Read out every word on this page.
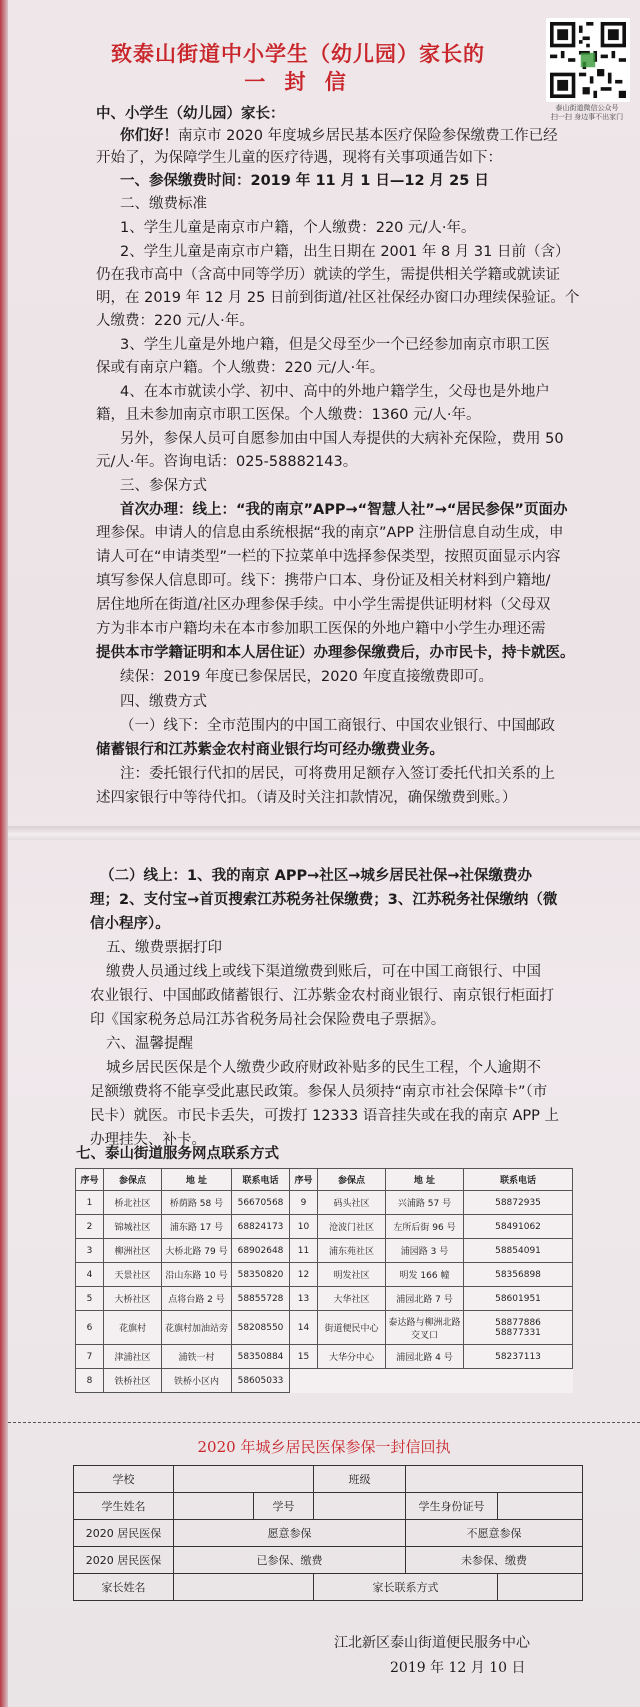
致泰山街道中小学生（幼儿园）家长的
一 封 信
泰山街道微信公众号
扫一扫 身边事不出家门
中、小学生（幼儿园）家长：
你们好！南京市 2020 年度城乡居民基本医疗保险参保缴费工作已经
开始了，为保障学生儿童的医疗待遇，现将有关事项通告如下：
一、参保缴费时间：2019 年 11 月 1 日—12 月 25 日
二、缴费标准
1、学生儿童是南京市户籍，个人缴费：220 元/人·年。
2、学生儿童是南京市户籍，出生日期在 2001 年 8 月 31 日前（含）
仍在我市高中（含高中同等学历）就读的学生，需提供相关学籍或就读证
明，在 2019 年 12 月 25 日前到街道/社区社保经办窗口办理续保验证。个
人缴费：220 元/人·年。
3、学生儿童是外地户籍，但是父母至少一个已经参加南京市职工医
保或有南京户籍。个人缴费：220 元/人·年。
4、在本市就读小学、初中、高中的外地户籍学生，父母也是外地户
籍，且未参加南京市职工医保。个人缴费：1360 元/人·年。
另外，参保人员可自愿参加由中国人寿提供的大病补充保险，费用 50
元/人·年。咨询电话：025-58882143。
三、参保方式
首次办理：线上：“我的南京”APP→“智慧人社”→“居民参保”页面办
理参保。申请人的信息由系统根据“我的南京”APP 注册信息自动生成，申
请人可在“申请类型”一栏的下拉菜单中选择参保类型，按照页面显示内容
填写参保人信息即可。线下：携带户口本、身份证及相关材料到户籍地/
居住地所在街道/社区办理参保手续。中小学生需提供证明材料（父母双
方为非本市户籍均未在本市参加职工医保的外地户籍中小学生办理还需
提供本市学籍证明和本人居住证）办理参保缴费后，办市民卡，持卡就医。
续保：2019 年度已参保居民，2020 年度直接缴费即可。
四、缴费方式
（一）线下：全市范围内的中国工商银行、中国农业银行、中国邮政
储蓄银行和江苏紫金农村商业银行均可经办缴费业务。
注：委托银行代扣的居民，可将费用足额存入签订委托代扣关系的上
述四家银行中等待代扣。（请及时关注扣款情况，确保缴费到账。）
（二）线上：1、我的南京 APP→社区→城乡居民社保→社保缴费办
理；2、支付宝→首页搜索江苏税务社保缴费；3、江苏税务社保缴纳（微
信小程序）。
五、缴费票据打印
缴费人员通过线上或线下渠道缴费到账后，可在中国工商银行、中国
农业银行、中国邮政储蓄银行、江苏紫金农村商业银行、南京银行柜面打
印《国家税务总局江苏省税务局社会保险费电子票据》。
六、温馨提醒
城乡居民医保是个人缴费少政府财政补贴多的民生工程，个人逾期不
足额缴费将不能享受此惠民政策。参保人员须持“南京市社会保障卡”（市
民卡）就医。市民卡丢失，可拨打 12333 语音挂失或在我的南京 APP 上
办理挂失、补卡。
七、泰山街道服务网点联系方式
序号	参保点	地 址	联系电话	序号	参保点	地 址	联系电话
1	桥北社区	桥荫路 58 号	56670568	9	码头社区	兴浦路 57 号	58872935
2	锦城社区	浦东路 17 号	68824173	10	沧波门社区	左所后街 96 号	58491062
3	柳洲社区	大桥北路 79 号	68902648	11	浦东苑社区	浦园路 3 号	58854091
4	天景社区	沿山东路 10 号	58350820	12	明发社区	明发 166 幢	58356898
5	大桥社区	点将台路 2 号	58855728	13	大华社区	浦园北路 7 号	58601951
6	花旗村	花旗村加油站旁	58208550	14	街道便民中心	泰达路与柳洲北路交叉口	58877886
58877331
7	津浦社区	浦铁一村	58350884	15	大华分中心	浦园北路 4 号	58237113
8	铁桥社区	铁桥小区内	58605033				
2020 年城乡居民医保参保一封信回执
学校			班级		
学生姓名		学号		学生身份证号	
2020 居民医保	愿意参保			不愿意参保	
2020 居民医保	已参保、缴费			未参保、缴费	
家长姓名			家长联系方式		
江北新区泰山街道便民服务中心
2019 年 12 月 10 日
